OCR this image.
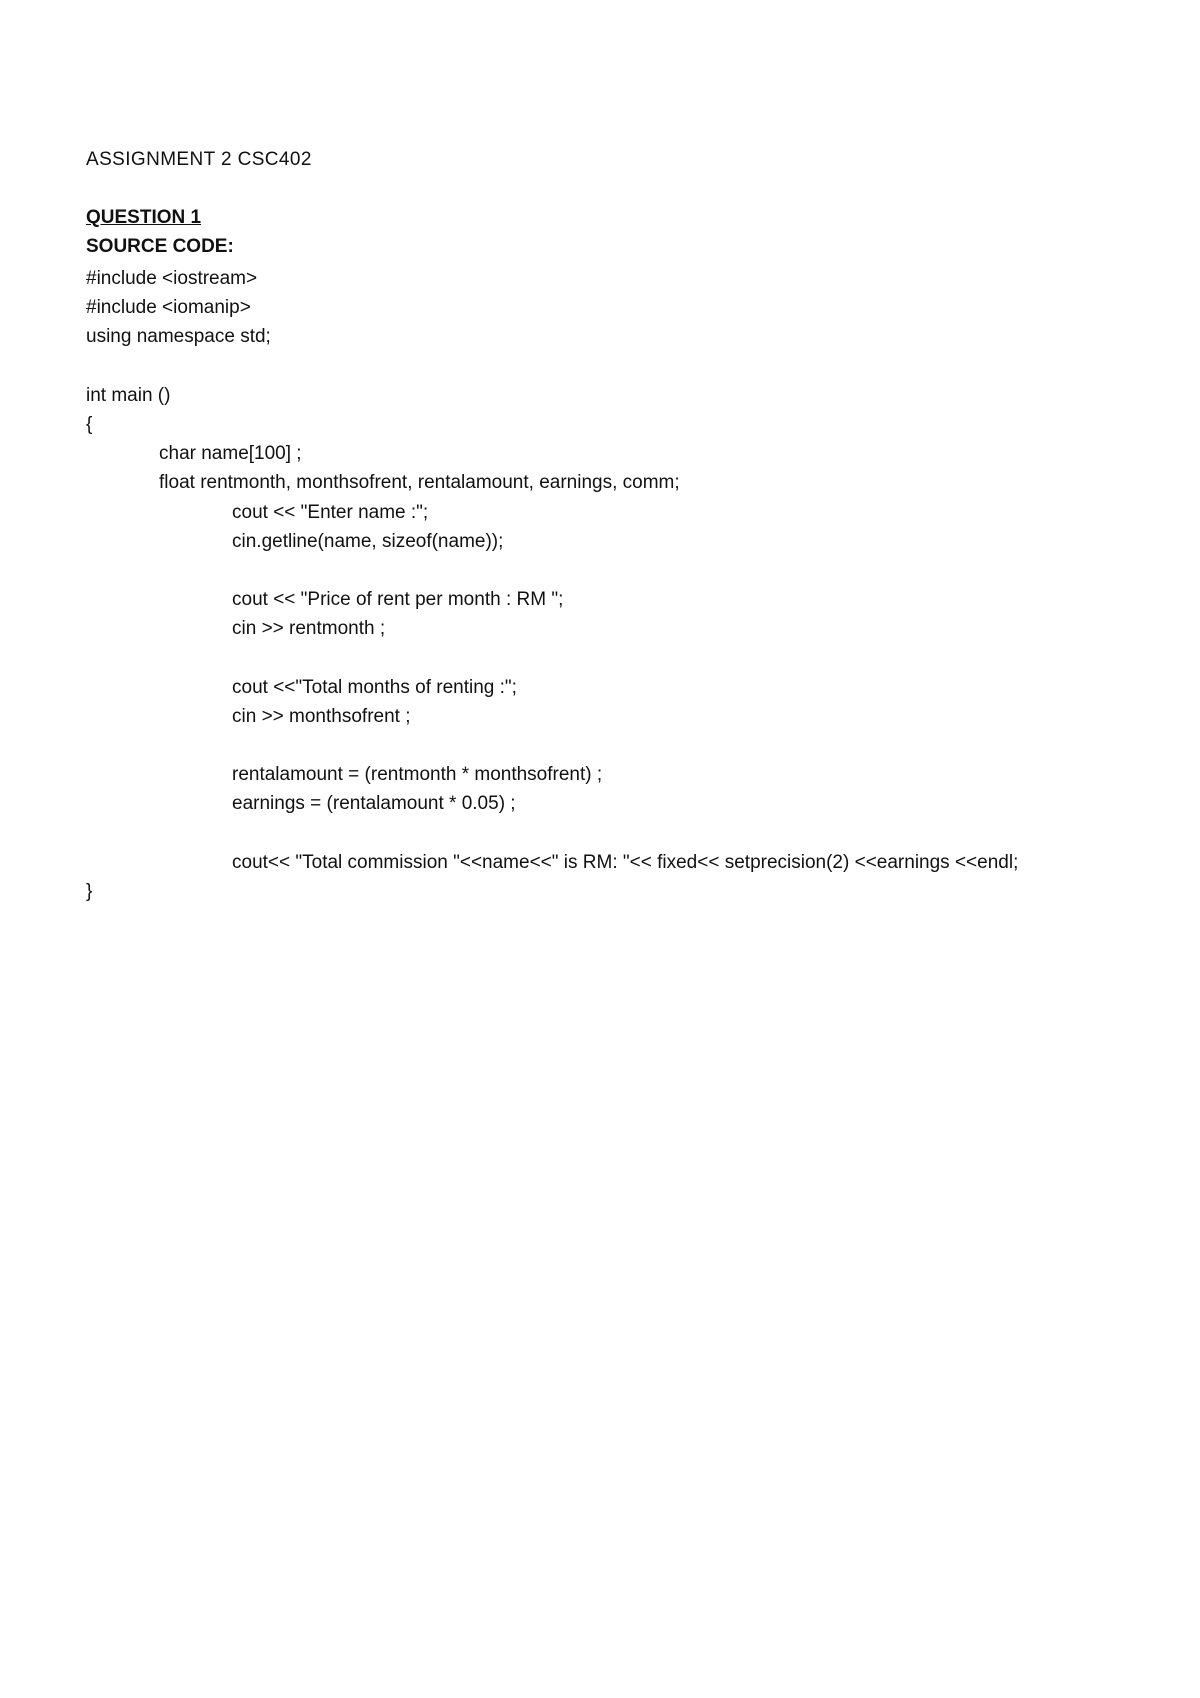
ASSIGNMENT 2 CSC402
QUESTION 1
SOURCE CODE:
#include <iostream>
#include <iomanip>
using namespace std;
int main ()
{
char name[100] ;
float rentmonth, monthsofrent, rentalamount, earnings, comm;
cout << "Enter name :";
cin.getline(name, sizeof(name));
cout << "Price of rent per month : RM ";
cin >> rentmonth ;
cout <<"Total months of renting :";
cin >> monthsofrent ;
rentalamount = (rentmonth * monthsofrent) ;
earnings = (rentalamount * 0.05) ;
cout<< "Total commission "<<name<<" is RM: "<< fixed<< setprecision(2) <<earnings <<endl;
}
